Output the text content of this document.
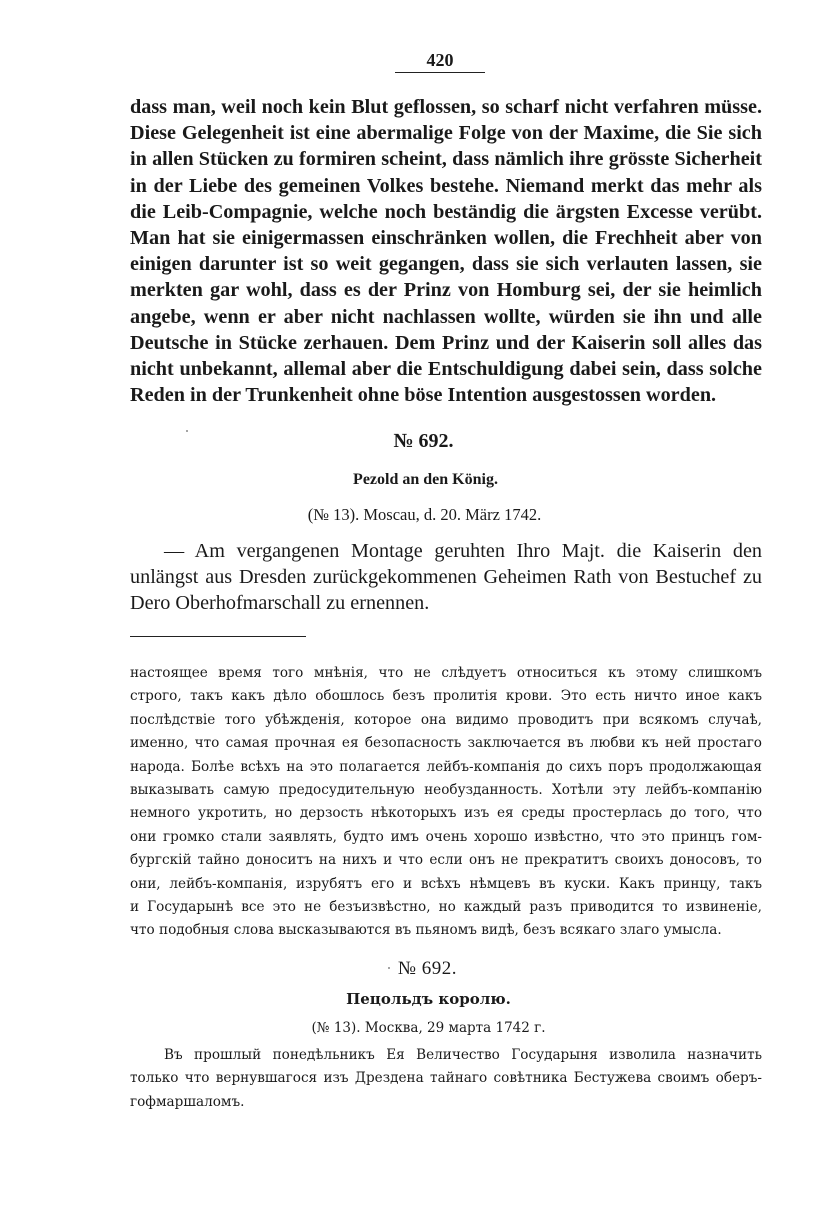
420
dass man, weil noch kein Blut geflossen, so scharf nicht verfahren müsse.
Diese Gelegenheit ist eine abermalige Folge von der Maxime, die Sie sich
in allen Stücken zu formiren scheint, dass nämlich ihre grösste Sicherheit
in der Liebe des gemeinen Volkes bestehe. Niemand merkt das mehr als
die Leib-Compagnie, welche noch beständig die ärgsten Excesse verübt.
Man hat sie einigermassen einschränken wollen, die Frechheit aber von
einigen darunter ist so weit gegangen, dass sie sich verlauten lassen, sie
merkten gar wohl, dass es der Prinz von Homburg sei, der sie heimlich
angebe, wenn er aber nicht nachlassen wollte, würden sie ihn und alle
Deutsche in Stücke zerhauen. Dem Prinz und der Kaiserin soll alles das
nicht unbekannt, allemal aber die Entschuldigung dabei sein, dass solche
Reden in der Trunkenheit ohne böse Intention ausgestossen worden.
№ 692.
Pezold an den König.
(№ 13). Moscau, d. 20. März 1742.
— Am vergangenen Montage geruhten Ihro Majt. die Kaiserin den
unlängst aus Dresden zurückgekommenen Geheimen Rath von Bestuchef zu
Dero Oberhofmarschall zu ernennen.
настоящее время того мнѣнія, что не слѣдуетъ относиться къ этому слишкомъ
строго, такъ какъ дѣло обошлось безъ пролитія крови. Это есть ничто иное какъ
послѣдствіе того убѣжденія, которое она видимо проводитъ при всякомъ случаѣ,
именно, что самая прочная ея безопасность заключается въ любви къ ней простаго
народа. Болѣе всѣхъ на это полагается лейбъ-компанія до сихъ поръ продолжающая
выказывать самую предосудительную необузданность. Хотѣли эту лейбъ-компанію
немного укротить, но дерзость нѣкоторыхъ изъ ея среды простерлась до того, что
они громко стали заявлять, будто имъ очень хорошо извѣстно, что это принцъ гом-
бургскій тайно доноситъ на нихъ и что если онъ не прекратитъ своихъ доносовъ, то
они, лейбъ-компанія, изрубятъ его и всѣхъ нѣмцевъ въ куски. Какъ принцу, такъ
и Государынѣ все это не безъизвѣстно, но каждый разъ приводится то извиненіе,
что подобныя слова высказываются въ пьяномъ видѣ, безъ всякаго злаго умысла.
№ 692.
Пецольдъ королю.
(№ 13). Москва, 29 марта 1742 г.
Въ прошлый понедѣльникъ Ея Величество Государыня изволила назначить
только что вернувшагося изъ Дрездена тайнаго совѣтника Бестужева своимъ оберъ-
гофмаршаломъ.
